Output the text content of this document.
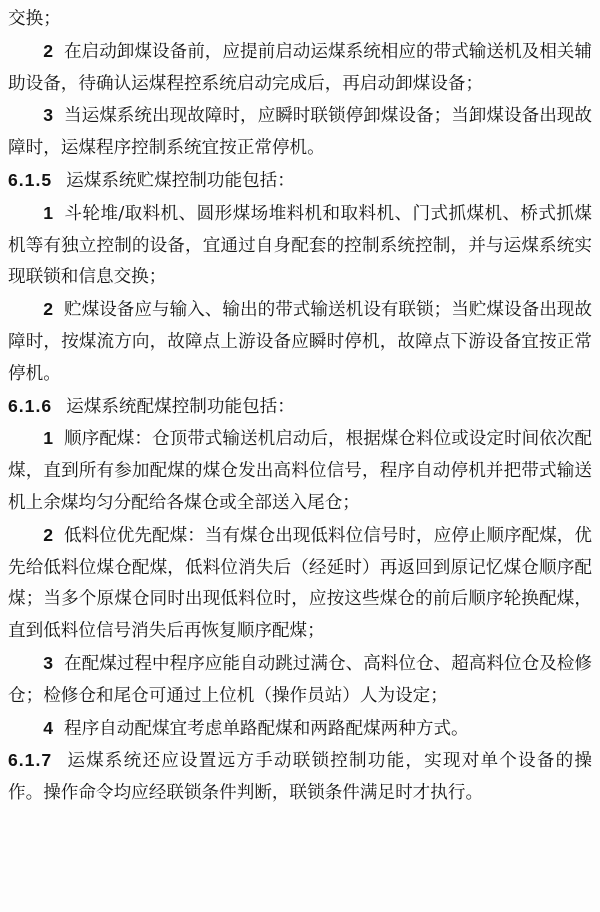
交换；

2 在启动卸煤设备前，应提前启动运煤系统相应的带式输送机及相关辅助设备，待确认运煤程控系统启动完成后，再启动卸煤设备；

3 当运煤系统出现故障时，应瞬时联锁停卸煤设备；当卸煤设备出现故障时，运煤程序控制系统宜按正常停机。

6.1.5 运煤系统贮煤控制功能包括：

1 斗轮堆/取料机、圆形煤场堆料机和取料机、门式抓煤机、桥式抓煤机等有独立控制的设备，宜通过自身配套的控制系统控制，并与运煤系统实现联锁和信息交换；

2 贮煤设备应与输入、输出的带式输送机设有联锁；当贮煤设备出现故障时，按煤流方向，故障点上游设备应瞬时停机，故障点下游设备宜按正常停机。

6.1.6 运煤系统配煤控制功能包括：

1 顺序配煤：仓顶带式输送机启动后，根据煤仓料位或设定时间依次配煤，直到所有参加配煤的煤仓发出高料位信号，程序自动停机并把带式输送机上余煤均匀分配给各煤仓或全部送入尾仓；

2 低料位优先配煤：当有煤仓出现低料位信号时，应停止顺序配煤，优先给低料位煤仓配煤，低料位消失后（经延时）再返回到原记忆煤仓顺序配煤；当多个原煤仓同时出现低料位时，应按这些煤仓的前后顺序轮换配煤，直到低料位信号消失后再恢复顺序配煤；

3 在配煤过程中程序应能自动跳过满仓、高料位仓、超高料位仓及检修仓；检修仓和尾仓可通过上位机（操作员站）人为设定；

4 程序自动配煤宜考虑单路配煤和两路配煤两种方式。

6.1.7 运煤系统还应设置远方手动联锁控制功能，实现对单个设备的操作。操作命令均应经联锁条件判断，联锁条件满足时才执行。
